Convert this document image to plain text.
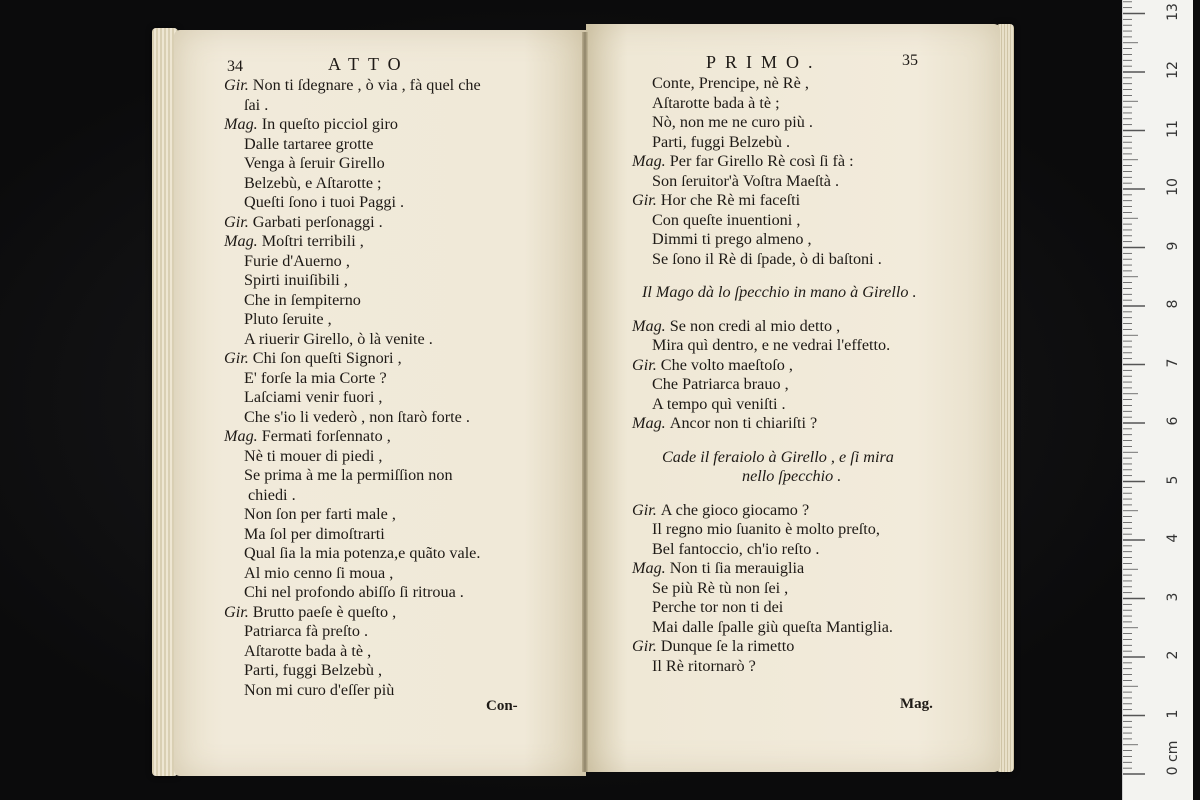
34	ATTO	PRIMO.	35
Gir. Non ti ſdegnare , ò via , fà quel che
ſai .
Mag. In queſto picciol giro
Dalle tartaree grotte
Venga à ſeruir Girello
Belzebù, e Aſtarotte ;
Queſti ſono i tuoi Paggi .
Gir. Garbati perſonaggi .
Mag. Moſtri terribili ,
Furie d'Auerno ,
Spirti inuiſibili ,
Che in ſempiterno
Pluto ſeruite ,
A riuerir Girello, ò là venite .
Gir. Chi ſon queſti Signori ,
E' forſe la mia Corte ?
Laſciami venir fuori ,
Che s'io li vederò , non ſtarò forte .
Mag. Fermati forſennato ,
Nè ti mouer di piedi ,
Se prima à me la permiſſion non
chiedi .
Non ſon per farti male ,
Ma ſol per dimoſtrarti
Qual ſia la mia potenza,e quãto vale.
Al mio cenno ſi moua ,
Chi nel profondo abiſſo ſi ritroua .
Gir. Brutto paeſe è queſto ,
Patriarca fà preſto .
Aſtarotte bada à tè ,
Parti, fuggi Belzebù ,
Non mi curo d'eſſer più
Conte, Prencipe, nè Rè ,
Aſtarotte bada à tè ;
Nò, non me ne curo più .
Parti, fuggi Belzebù .
Mag. Per far Girello Rè così ſi fà :
Son ſeruitor'à Voſtra Maeſtà .
Gir. Hor che Rè mi faceſti
Con queſte inuentioni ,
Dimmi ti prego almeno ,
Se ſono il Rè di ſpade, ò di baſtoni .
Il Mago dà lo ſpecchio in mano à Girello .
Mag. Se non credi al mio detto ,
Mira quì dentro, e ne vedrai l'effetto.
Gir. Che volto maeſtoſo ,
Che Patriarca brauo ,
A tempo quì veniſti .
Mag. Ancor non ti chiariſti ?
Cade il feraiolo à Girello , e ſi mira
nello ſpecchio .
Gir. A che gioco giocamo ?
Il regno mio ſuanito è molto preſto,
Bel fantoccio, ch'io reſto .
Mag. Non ti ſia merauiglia
Se più Rè tù non ſei ,
Perche tor non ti dei
Mai dalle ſpalle giù queſta Mantiglia.
Gir. Dunque ſe la rimetto
Il Rè ritornarò ?
Con-	Mag.
0 cm
1
2
3
4
5
6
7
8
9
10
11
12
13
